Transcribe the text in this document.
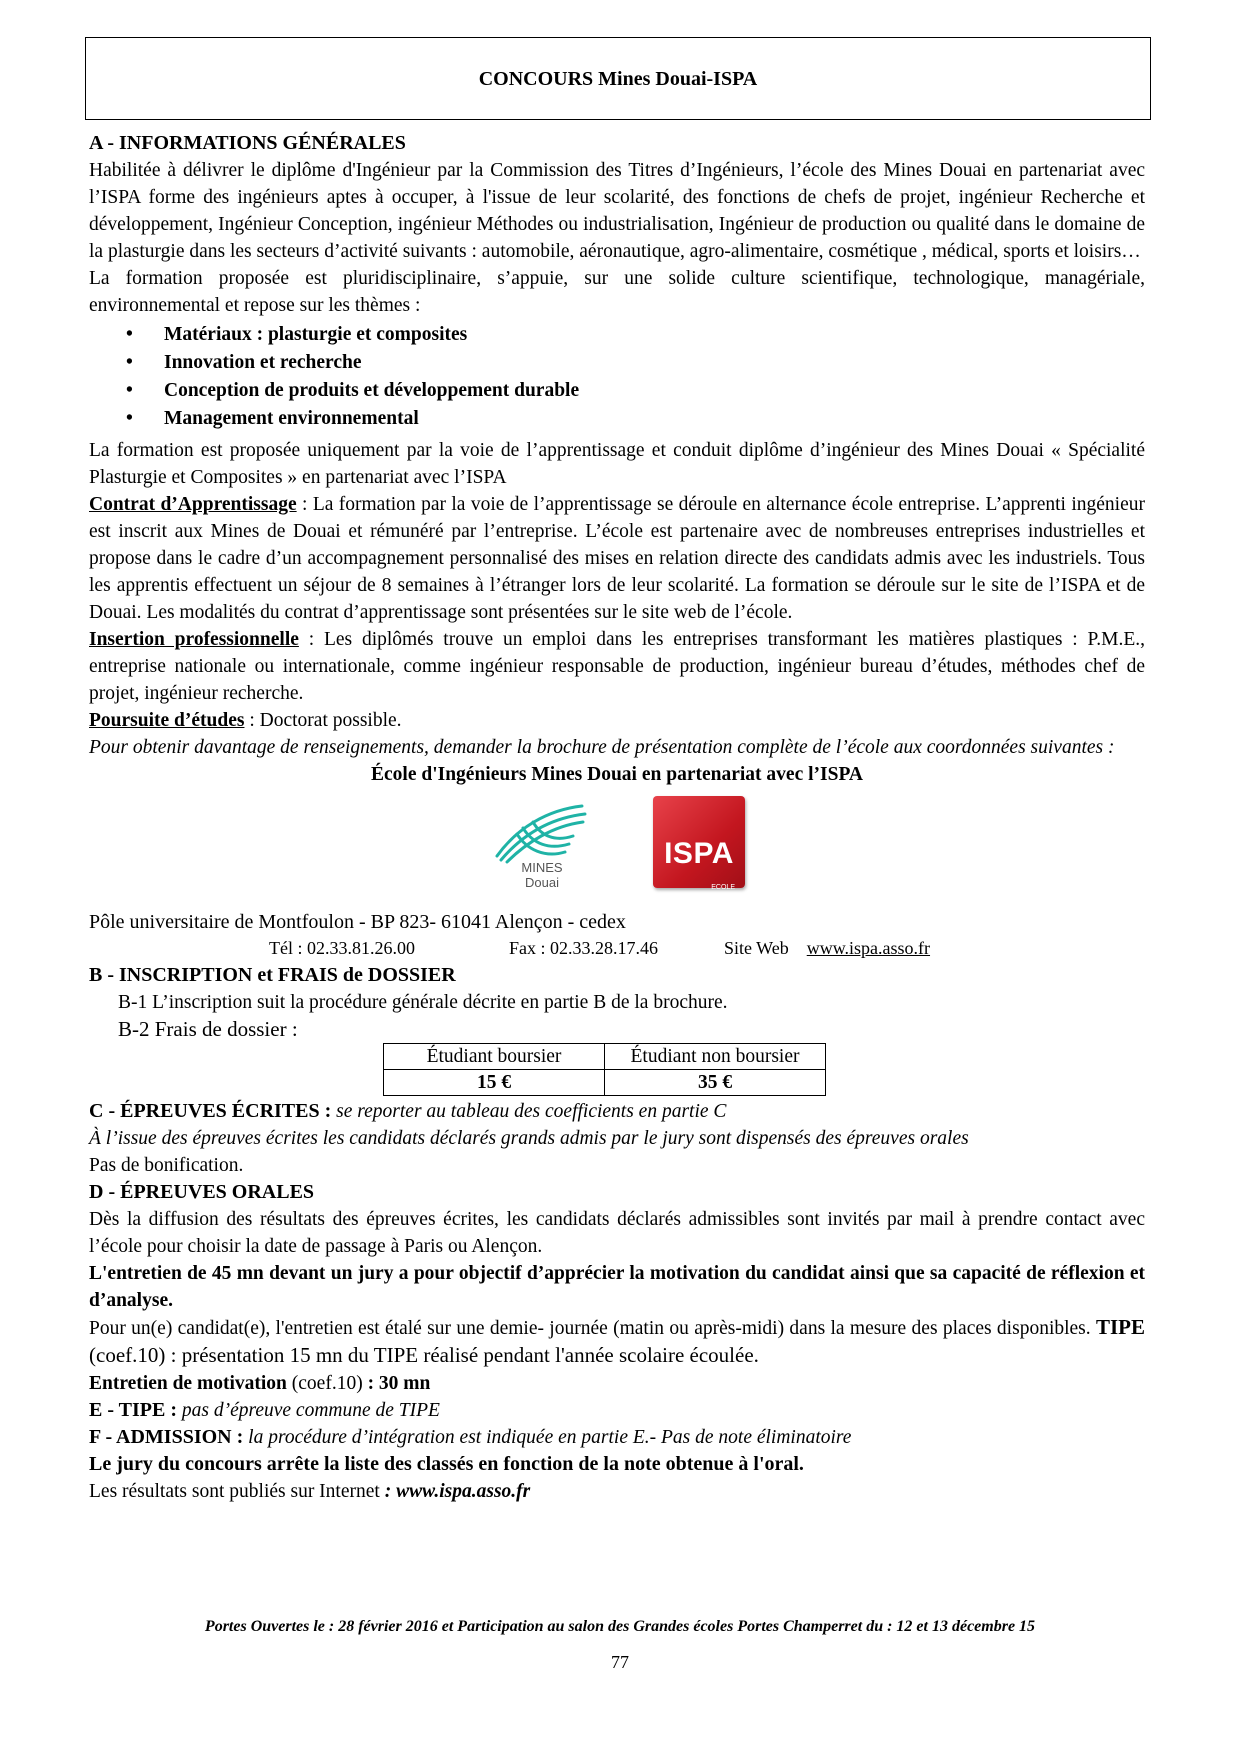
CONCOURS Mines Douai-ISPA

A - INFORMATIONS GÉNÉRALES

Habilitée à délivrer le diplôme d'Ingénieur par la Commission des Titres d’Ingénieurs, l’école des Mines Douai en partenariat avec l’ISPA forme des ingénieurs aptes à occuper, à l'issue de leur scolarité, des fonctions de chefs de projet, ingénieur Recherche et développement, Ingénieur Conception, ingénieur Méthodes ou industrialisation, Ingénieur de production ou qualité dans le domaine de la plasturgie dans les secteurs d’activité suivants : automobile, aéronautique, agro-alimentaire, cosmétique , médical, sports et loisirs…

La formation proposée est pluridisciplinaire, s’appuie, sur une solide culture scientifique, technologique, managériale, environnemental et repose sur les thèmes :

• Matériaux : plasturgie et composites
• Innovation et recherche
• Conception de produits et développement durable
• Management environnemental

La formation est proposée uniquement par la voie de l’apprentissage et conduit diplôme d’ingénieur des Mines Douai « Spécialité Plasturgie et Composites » en partenariat avec l’ISPA

Contrat d’Apprentissage : La formation par la voie de l’apprentissage se déroule en alternance école entreprise. L’apprenti ingénieur est inscrit aux Mines de Douai et rémunéré par l’entreprise. L’école est partenaire avec de nombreuses entreprises industrielles et propose dans le cadre d’un accompagnement personnalisé des mises en relation directe des candidats admis avec les industriels. Tous les apprentis effectuent un séjour de 8 semaines à l’étranger lors de leur scolarité. La formation se déroule sur le site de l’ISPA et de Douai. Les modalités du contrat d’apprentissage sont présentées sur le site web de l’école.

Insertion professionnelle : Les diplômés trouve un emploi dans les entreprises transformant les matières plastiques : P.M.E., entreprise nationale ou internationale, comme ingénieur responsable de production, ingénieur bureau d’études, méthodes chef de projet, ingénieur recherche.

Poursuite d’études : Doctorat possible.

Pour obtenir davantage de renseignements, demander la brochure de présentation complète de l’école aux coordonnées suivantes :

École d'Ingénieurs Mines Douai en partenariat avec l’ISPA

MINES
Douai
ISPA
ECOLE

Pôle universitaire de Montfoulon - BP 823- 61041 Alençon - cedex

Tél : 02.33.81.26.00	Fax : 02.33.28.17.46	Site Web www.ispa.asso.fr

B - INSCRIPTION et FRAIS de DOSSIER

B-1 L’inscription suit la procédure générale décrite en partie B de la brochure.

B-2 Frais de dossier :

Étudiant boursier	Étudiant non boursier
15 €	35 €

C - ÉPREUVES ÉCRITES : se reporter au tableau des coefficients en partie C

À l’issue des épreuves écrites les candidats déclarés grands admis par le jury sont dispensés des épreuves orales

Pas de bonification.

D - ÉPREUVES ORALES

Dès la diffusion des résultats des épreuves écrites, les candidats déclarés admissibles sont invités par mail à prendre contact avec l’école pour choisir la date de passage à Paris ou Alençon.

L'entretien de 45 mn devant un jury a pour objectif d’apprécier la motivation du candidat ainsi que sa capacité de réflexion et d’analyse.

Pour un(e) candidat(e), l'entretien est étalé sur une demie- journée (matin ou après-midi) dans la mesure des places disponibles. TIPE (coef.10) : présentation 15 mn du TIPE réalisé pendant l'année scolaire écoulée.

Entretien de motivation (coef.10) : 30 mn

E - TIPE : pas d’épreuve commune de TIPE

F - ADMISSION : la procédure d’intégration est indiquée en partie E.- Pas de note éliminatoire

Le jury du concours arrête la liste des classés en fonction de la note obtenue à l'oral.

Les résultats sont publiés sur Internet : www.ispa.asso.fr

Portes Ouvertes le : 28 février 2016 et Participation au salon des Grandes écoles Portes Champerret du : 12 et 13 décembre 15
77
